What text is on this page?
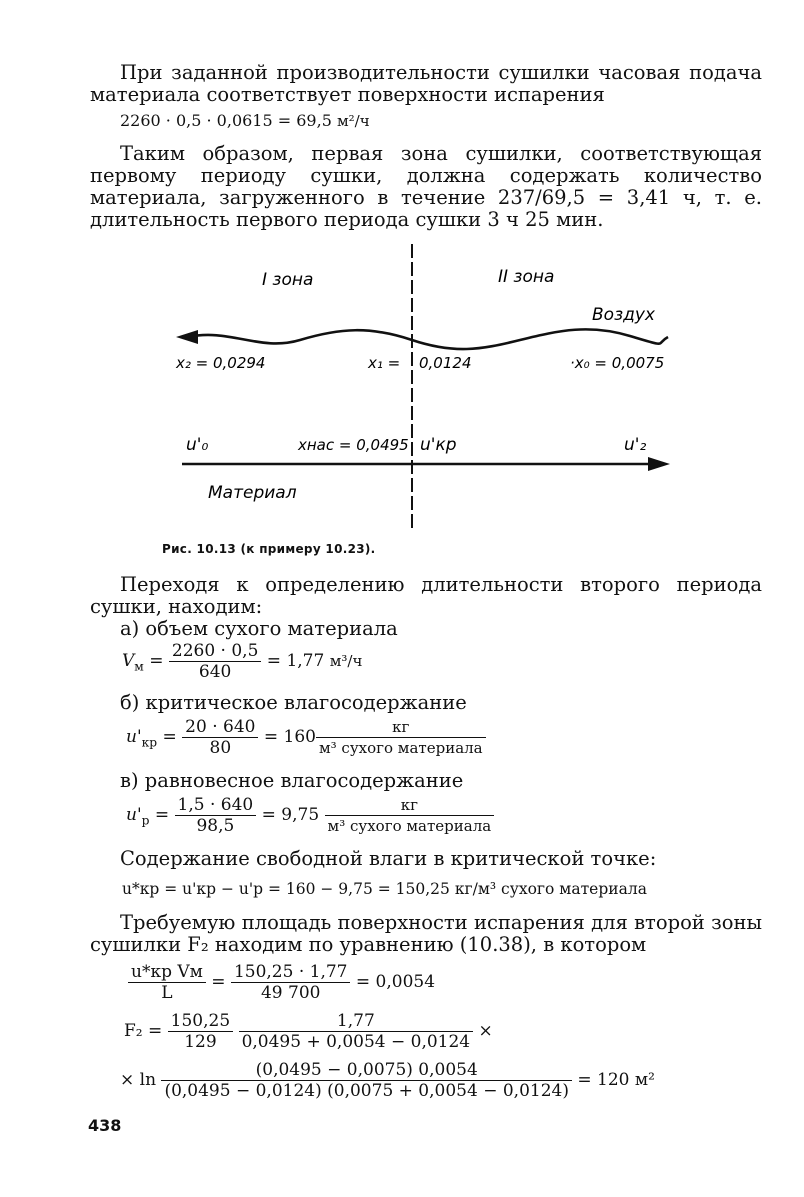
При заданной производительности сушилки часовая подача материала соответствует поверхности испарения
2260 · 0,5 · 0,0615 = 69,5 м²/ч
Таким образом, первая зона сушилки, соответствующая первому периоду сушки, должна содержать количество материала, загруженного в течение 237/69,5 = 3,41 ч, т. е. длительность первого периода сушки 3 ч 25 мин.
I зона	II зона
Воздух
x₂ = 0,0294	x₁ = 0,0124	·x₀ = 0,0075
u'₀	xнас = 0,0495 u'кр	u'₂
Материал
Рис. 10.13 (к примеру 10.23).
Переходя к определению длительности второго периода сушки, находим:
а) объем сухого материала
$V_м = \frac{2260 \cdot 0,5}{640} = 1,77$ м³/ч
б) критическое влагосодержание
$u'_{кр} = \frac{20 \cdot 640}{80} = 160 \frac{кг}{\text{м³ сухого материала}}$
в) равновесное влагосодержание
$u'_р = \frac{1,5 \cdot 640}{98,5} = 9,75 \frac{кг}{\text{м³ сухого материала}}$
Содержание свободной влаги в критической точке:
u*кр = u'кр − u'р = 160 − 9,75 = 150,25 кг/м³ сухого материала
Требуемую площадь поверхности испарения для второй зоны сушилки F₂ находим по уравнению (10.38), в котором
$\frac{\text{u*кр Vм}}{L} = \frac{150,25 \cdot 1,77}{49 700} = 0,0054$
$F_2 = \frac{150,25}{129}$
$\frac{1,77}{0,0495 + 0,0054 - 0,0124}$ ×
× $\ln \frac{(0,0495 - 0,0075) 0,0054}{(0,0495 - 0,0124) (0,0075 + 0,0054 - 0,0124)} = 120$ м²
438
